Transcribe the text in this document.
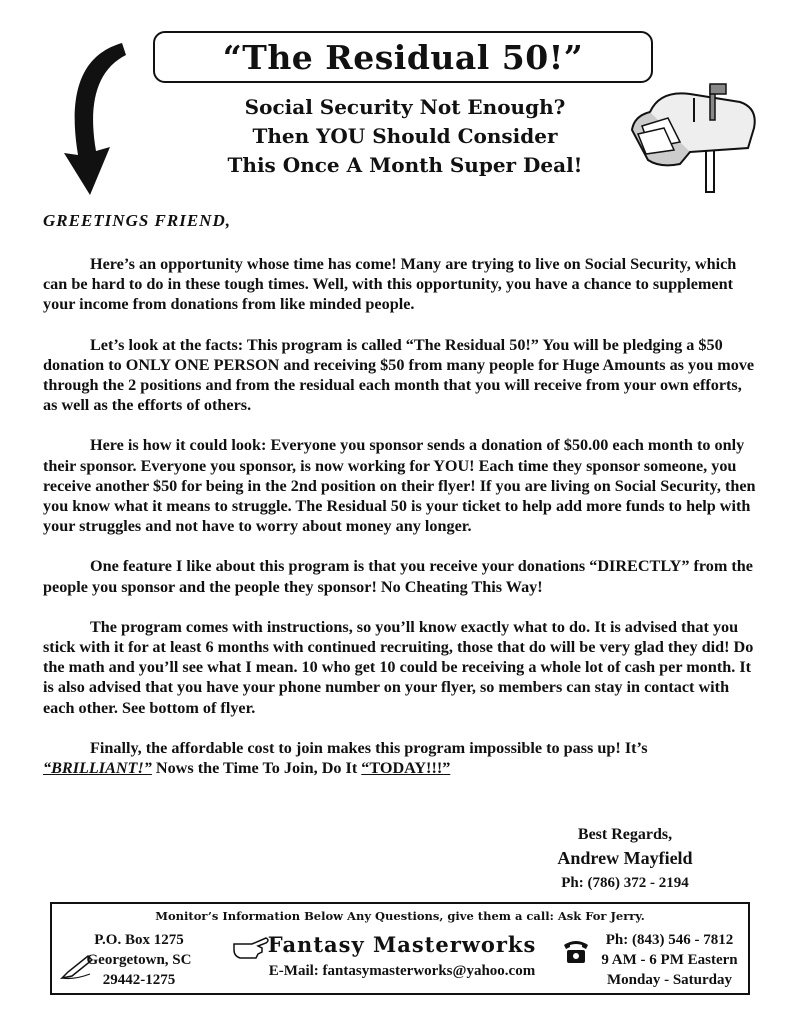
“The Residual 50!”
Social Security Not Enough?
Then YOU Should Consider
This Once A Month Super Deal!
GREETINGS FRIEND,

Here’s an opportunity whose time has come! Many are trying to live on Social Security, which can be hard to do in these tough times. Well, with this opportunity, you have a chance to supplement your income from donations from like minded people.

Let’s look at the facts: This program is called “The Residual 50!” You will be pledging a $50 donation to ONLY ONE PERSON and receiving $50 from many people for Huge Amounts as you move through the 2 positions and from the residual each month that you will receive from your own efforts, as well as the efforts of others.

Here is how it could look: Everyone you sponsor sends a donation of $50.00 each month to only their sponsor. Everyone you sponsor, is now working for YOU! Each time they sponsor someone, you receive another $50 for being in the 2nd position on their flyer! If you are living on Social Security, then you know what it means to struggle. The Residual 50 is your ticket to help add more funds to help with your struggles and not have to worry about money any longer.

One feature I like about this program is that you receive your donations “DIRECTLY” from the people you sponsor and the people they sponsor! No Cheating This Way!

The program comes with instructions, so you’ll know exactly what to do. It is advised that you stick with it for at least 6 months with continued recruiting, those that do will be very glad they did! Do the math and you’ll see what I mean. 10 who get 10 could be receiving a whole lot of cash per month. It is also advised that you have your phone number on your flyer, so members can stay in contact with each other. See bottom of flyer.

Finally, the affordable cost to join makes this program impossible to pass up! It’s “BRILLIANT!” Nows the Time To Join, Do It “TODAY!!!”

Best Regards,
Andrew Mayfield
Ph: (786) 372 - 2194
Monitor’s Information Below Any Questions, give them a call: Ask For Jerry.
P.O. Box 1275
Georgetown, SC
29442-1275
Fantasy Masterworks
E-Mail: fantasymasterworks@yahoo.com
Ph: (843) 546 - 7812
9 AM - 6 PM Eastern
Monday - Saturday
